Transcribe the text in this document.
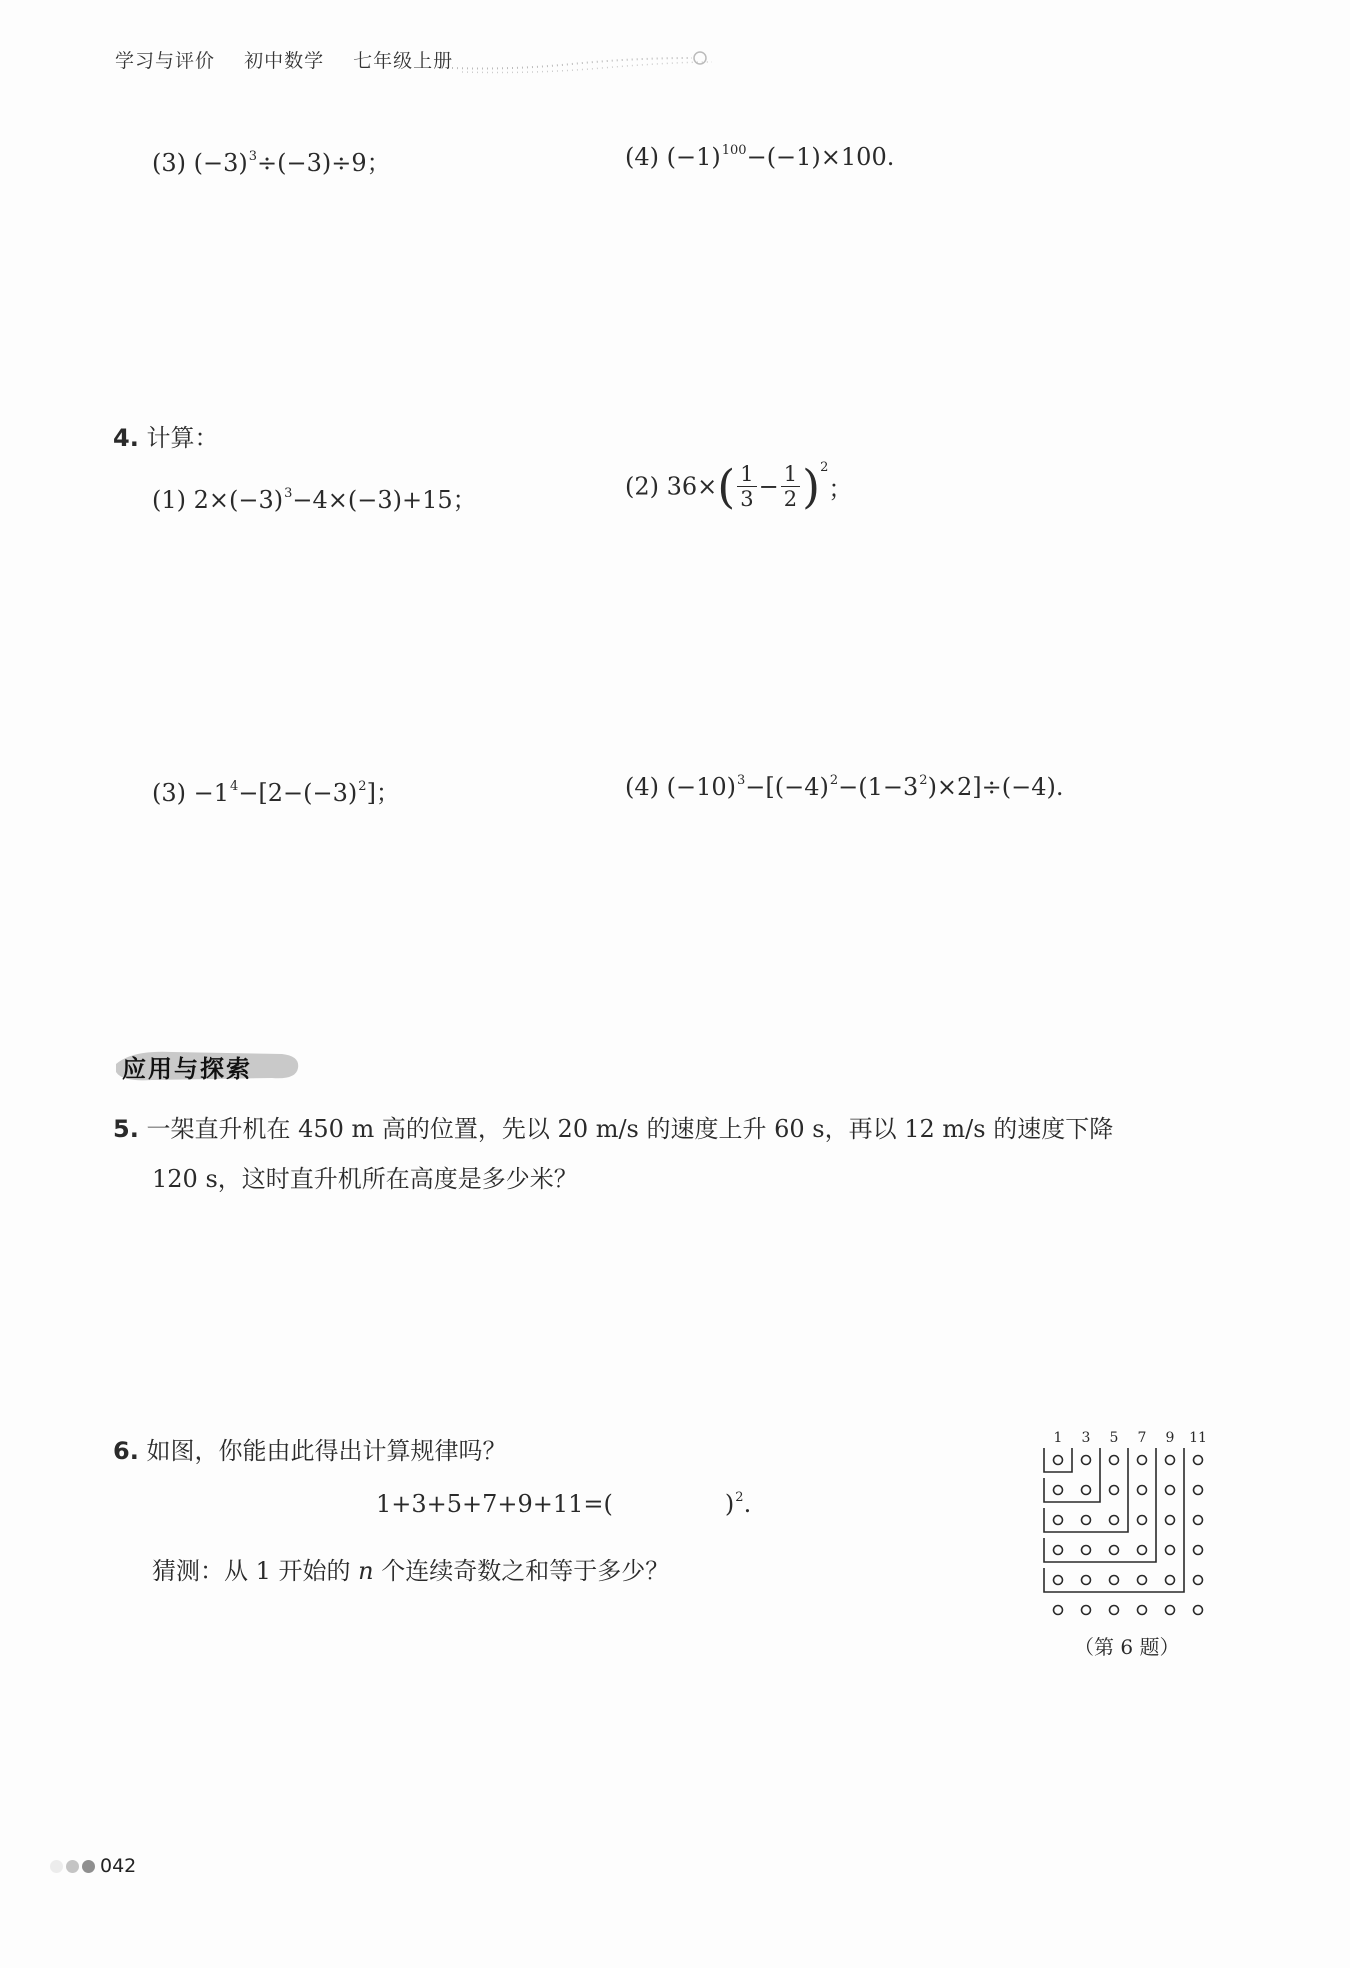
学习与评价 初中数学 七年级上册
(3) $(-3)^3\div(-3)\div 9$；	(4) $(-1)^{100}-(-1)\times 100$.
4. 计算：
(1) $2\times(-3)^3-4\times(-3)+15$；	(2) $36\times( \frac{1}{3} - \frac{1}{2} )^2$；
$(3) -1^4-[2-(-3)^2]$；	(4) $(-10)^3-[(-4)^2-(1-3^2)\times 2]\div(-4)$.
应用与探索
5. 一架直升机在 450 m 高的位置，先以 20 m/s 的速度上升 60 s，再以 12 m/s 的速度下降
120 s，这时直升机所在高度是多少米？
6. 如图，你能由此得出计算规律吗？
1+3+5+7+9+11=(	)$^2$.
猜测：从 1 开始的 n 个连续奇数之和等于多少？
1 3 5 7 9 11
（第 6 题）
042
